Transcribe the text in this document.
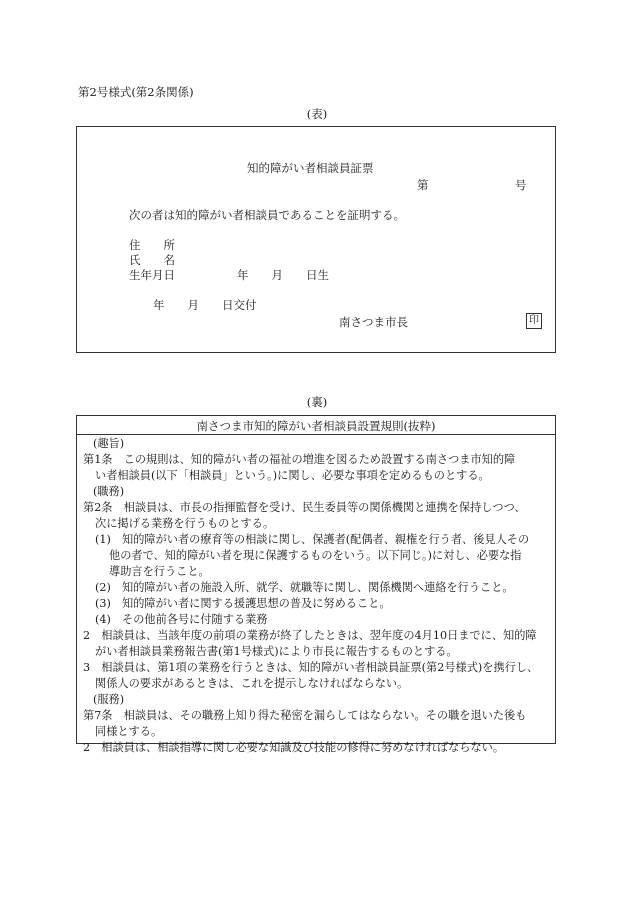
第2号様式(第2条関係)
(表)
知的障がい者相談員証票
第	号
次の者は知的障がい者相談員であることを証明する。
住　　所
氏　　名
生年月日	年　　月　　日生
年　　月　　日交付
南さつま市長	印
(裏)
南さつま市知的障がい者相談員設置規則(抜粋)
(趣旨)
第1条　この規則は、知的障がい者の福祉の増進を図るため設置する南さつま市知的障
い者相談員(以下「相談員」という。)に関し、必要な事項を定めるものとする。
(職務)
第2条　相談員は、市長の指揮監督を受け、民生委員等の関係機関と連携を保持しつつ、
次に掲げる業務を行うものとする。
(1)　知的障がい者の療育等の相談に関し、保護者(配偶者、親権を行う者、後見人その
他の者で、知的障がい者を現に保護するものをいう。以下同じ。)に対し、必要な指
導助言を行うこと。
(2)　知的障がい者の施設入所、就学、就職等に関し、関係機関へ連絡を行うこと。
(3)　知的障がい者に関する援護思想の普及に努めること。
(4)　その他前各号に付随する業務
2　相談員は、当該年度の前項の業務が終了したときは、翌年度の4月10日までに、知的障
がい者相談員業務報告書(第1号様式)により市長に報告するものとする。
3　相談員は、第1項の業務を行うときは、知的障がい者相談員証票(第2号様式)を携行し、
関係人の要求があるときは、これを提示しなければならない。
(服務)
第7条　相談員は、その職務上知り得た秘密を漏らしてはならない。その職を退いた後も
同様とする。
2　相談員は、相談指導に関し必要な知識及び技能の修得に努めなければならない。
